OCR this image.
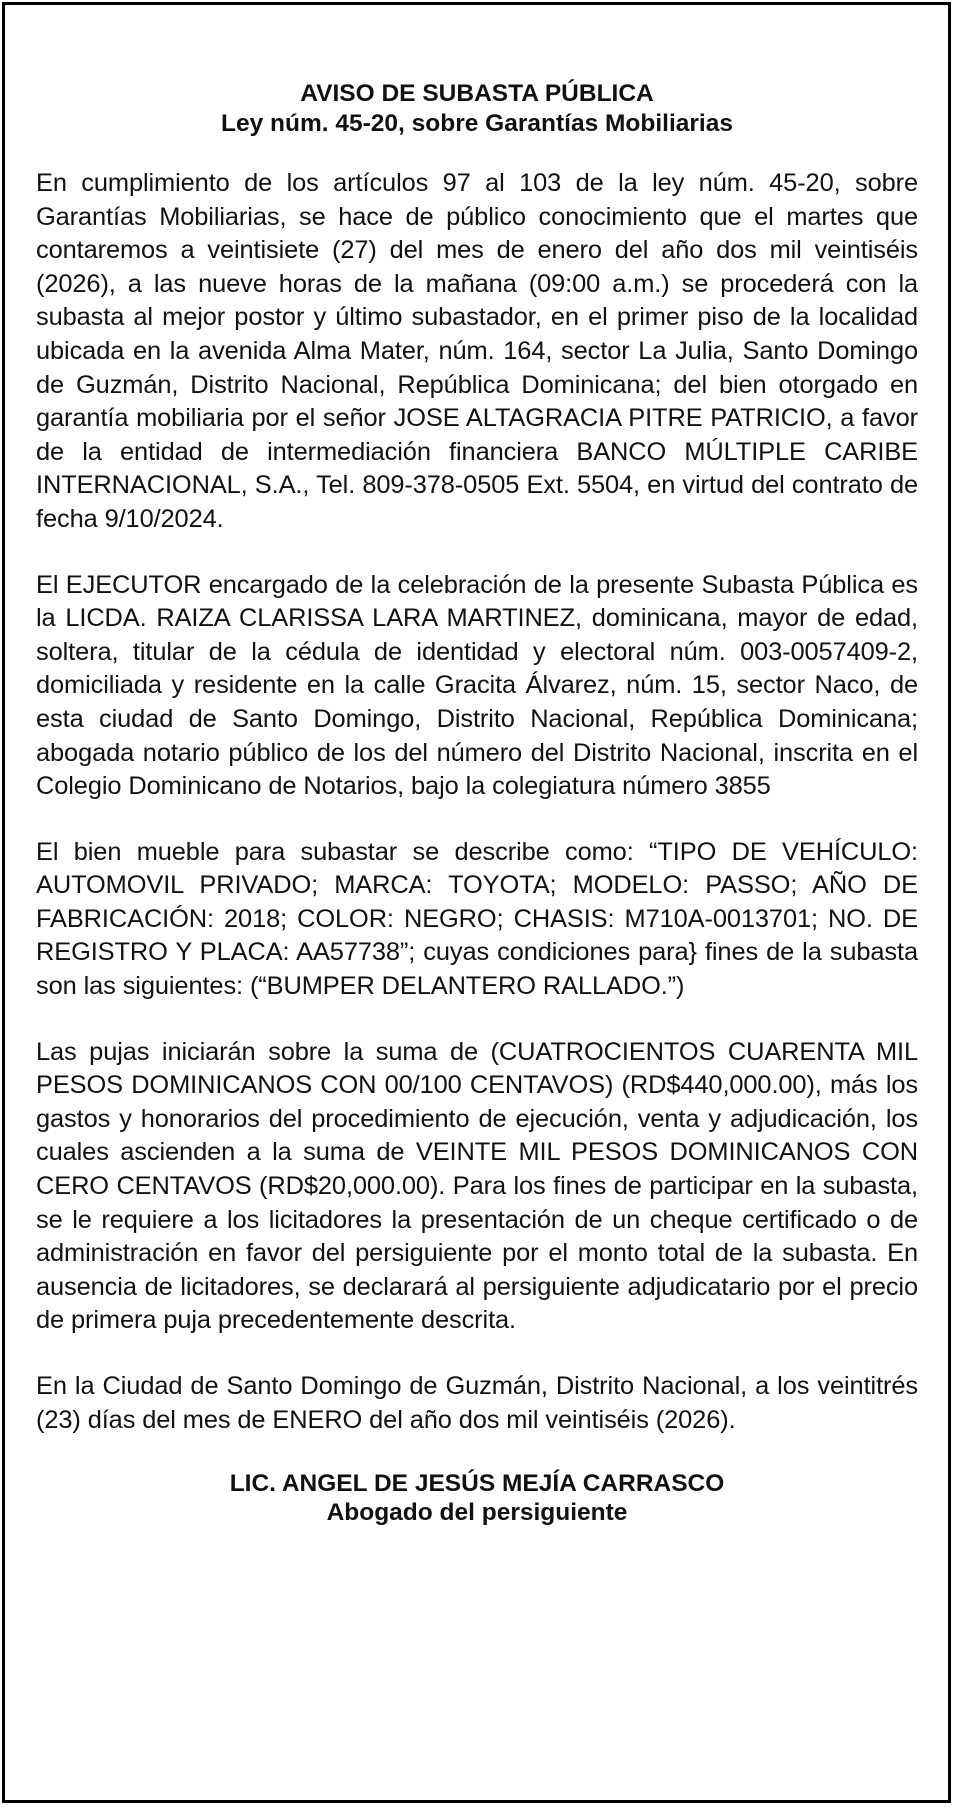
AVISO DE SUBASTA PÚBLICA
Ley núm. 45-20, sobre Garantías Mobiliarias

En cumplimiento de los artículos 97 al 103 de la ley núm. 45-20, sobre Garantías Mobiliarias, se hace de público conocimiento que el martes que contaremos a veintisiete (27) del mes de enero del año dos mil veintiséis (2026), a las nueve horas de la mañana (09:00 a.m.) se procederá con la subasta al mejor postor y último subastador, en el primer piso de la localidad ubicada en la avenida Alma Mater, núm. 164, sector La Julia, Santo Domingo de Guzmán, Distrito Nacional, República Dominicana; del bien otorgado en garantía mobiliaria por el señor JOSE ALTAGRACIA PITRE PATRICIO, a favor de la entidad de intermediación financiera BANCO MÚLTIPLE CARIBE INTERNACIONAL, S.A., Tel. 809-378-0505 Ext. 5504, en virtud del contrato de fecha 9/10/2024.

El EJECUTOR encargado de la celebración de la presente Subasta Pública es la LICDA. RAIZA CLARISSA LARA MARTINEZ, dominicana, mayor de edad, soltera, titular de la cédula de identidad y electoral núm. 003-0057409-2, domiciliada y residente en la calle Gracita Álvarez, núm. 15, sector Naco, de esta ciudad de Santo Domingo, Distrito Nacional, República Dominicana; abogada notario público de los del número del Distrito Nacional, inscrita en el Colegio Dominicano de Notarios, bajo la colegiatura número 3855

El bien mueble para subastar se describe como: “TIPO DE VEHÍCULO: AUTOMOVIL PRIVADO; MARCA: TOYOTA; MODELO: PASSO; AÑO DE FABRICACIÓN: 2018; COLOR: NEGRO; CHASIS: M710A-0013701; NO. DE REGISTRO Y PLACA: AA57738”; cuyas condiciones para} fines de la subasta son las siguientes: (“BUMPER DELANTERO RALLADO.”)

Las pujas iniciarán sobre la suma de (CUATROCIENTOS CUARENTA MIL PESOS DOMINICANOS CON 00/100 CENTAVOS) (RD$440,000.00), más los gastos y honorarios del procedimiento de ejecución, venta y adjudicación, los cuales ascienden a la suma de VEINTE MIL PESOS DOMINICANOS CON CERO CENTAVOS (RD$20,000.00). Para los fines de participar en la subasta, se le requiere a los licitadores la presentación de un cheque certificado o de administración en favor del persiguiente por el monto total de la subasta. En ausencia de licitadores, se declarará al persiguiente adjudicatario por el precio de primera puja precedentemente descrita.

En la Ciudad de Santo Domingo de Guzmán, Distrito Nacional, a los veintitrés (23) días del mes de ENERO del año dos mil veintiséis (2026).

LIC. ANGEL DE JESÚS MEJÍA CARRASCO
Abogado del persiguiente
